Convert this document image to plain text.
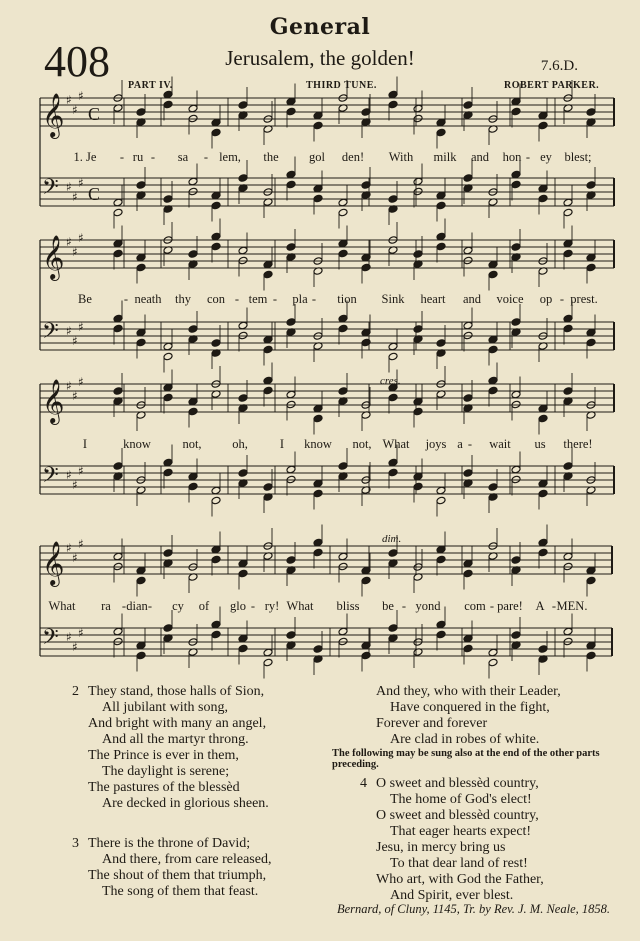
General
408	Jerusalem, the golden!	7.6.D.
PART IV.	THIRD TUNE.	ROBERT PARKER.
𝄞 ♯
♯
♯
C
𝄢 ♯
♯
♯
C
𝄞 ♯
♯
♯
𝄢 ♯
♯
♯
𝄞 ♯
♯
♯
𝄢 ♯
♯
♯
𝄞 ♯
♯
♯
𝄢 ♯
♯
♯
1. Je - ru - sa - lem, the gol den! With milk and hon - ey blest;
Be	- neath thy con - tem - pla - tion Sink heart and voice op - prest.
I	know	not, oh,	I know not, What joys a - wait us there!
What ra - dian - cy of glo - ry! What bliss be - yond com - pare! A - MEN.
cres.
dim.
2 They stand, those halls of Sion,
All jubilant with song,
And bright with many an angel,
And all the martyr throng.
The Prince is ever in them,
The daylight is serene;
The pastures of the blessèd
Are decked in glorious sheen.
3 There is the throne of David;
And there, from care released,
The shout of them that triumph,
The song of them that feast.
And they, who with their Leader,
Have conquered in the fight,
Forever and forever
Are clad in robes of white.
The following may be sung also at the end of the other parts preceding.
4 O sweet and blessèd country,
The home of God's elect!
O sweet and blessèd country,
That eager hearts expect!
Jesu, in mercy bring us
To that dear land of rest!
Who art, with God the Father,
And Spirit, ever blest.
Bernard, of Cluny, 1145, Tr. by Rev. J. M. Neale, 1858.
